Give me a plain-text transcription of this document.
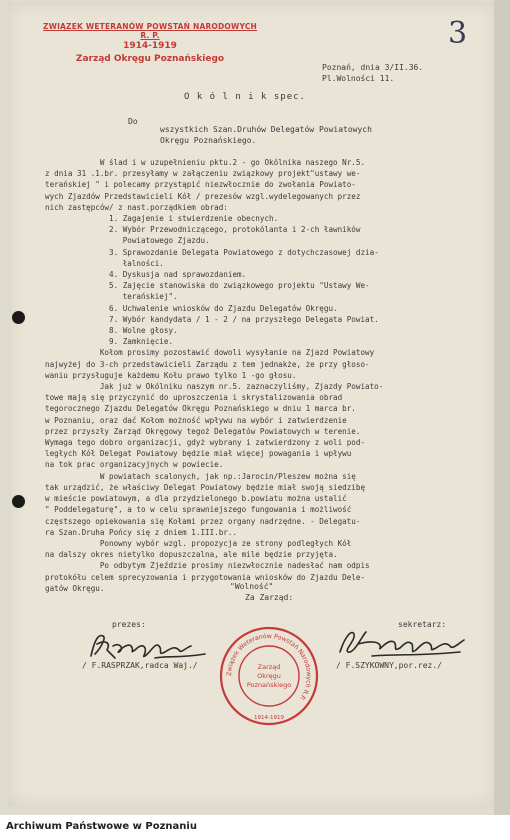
ZWIĄZEK WETERANÓW POWSTAŃ NARODOWYCH R. P.
1914-1919
Zarząd Okręgu Poznańskiego
3
Poznań, dnia 3/II.36.
Pl.Wolności 11.
O k ó l n i k spec.
Do
wszystkich Szan.Druhów Delegatów Powiatowych
Okręgu Poznańskiego.
W ślad i w uzupełnieniu pktu.2 - go Okólnika naszego Nr.5.
z dnia 31 .1.br. przesyłamy w załączeniu związkowy projekt"ustawy we-
terańskiej " i polecamy przystąpić niezwłocznie do zwołania Powiato-
wych Zjazdów Przedstawicieli Kół / prezesów wzgl.wydelegowanych przez
nich zastępców/ z nast.porządkiem obrad:
1. Zagajenie i stwierdzenie obecnych.
2. Wybór Przewodniczącego, protokólanta i 2-ch ławników
Powiatowego Zjazdu.
3. Sprawozdanie Delegata Powiatowego z dotychczasowej dzia-
łalności.
4. Dyskusja nad sprawozdaniem.
5. Zajęcie stanowiska do związkowego projektu "Ustawy We-
terańskiej".
6. Uchwalenie wniosków do Zjazdu Delegatów Okręgu.
7. Wybór kandydata / 1 - 2 / na przyszłego Delegata Powiat.
8. Wolne głosy.
9. Zamknięcie.
Kołom prosimy pozostawić dowoli wysyłanie na Zjazd Powiatowy
najwyżej do 3-ch przedstawicieli Zarządu z tem jednakże, że przy głoso-
waniu przysługuje każdemu Kołu prawo tylko 1 -go głosu.
Jak już w Okólniku naszym nr.5. zaznaczyliśmy, Zjazdy Powiato-
towe mają się przyczynić do uproszczenia i skrystalizowania obrad
tegorocznego Zjazdu Delegatów Okręgu Poznańskiego w dniu 1 marca br.
w Poznaniu, oraz dać Kołom możność wpływu na wybór i zatwierdzenie
przez przyszły Zarząd Okręgowy tegoż Delegatów Powiatowych w terenie.
Wymaga tego dobro organizacji, gdyż wybrany i zatwierdzony z woli pod-
ległych Kół Delegat Powiatowy będzie miał więcej powagania i wpływu
na tok prac organizacyjnych w powiecie.
W powiatach scalonych, jak np.:Jarocin/Pleszew można się
tak urządzić, że właściwy Delegat Powiatowy będzie miał swoją siedzibę
w mieście powiatowym, a dla przydzielonego b.powiatu można ustalić
" Poddelegaturę", a to w celu sprawniejszego fungowania i możliwość
częstszego opiekowania się Kołami przez organy nadrzędne. - Delegatu-
ra Szan.Druha Pońcy się z dniem 1.III.br..
Ponowny wybór wzgl. propozycja ze strony podległych Kół
na dalszy okres nietylko dopuszczalna, ale mile będzie przyjęta.
Po odbytym Zjeździe prosimy niezwłocznie nadesłać nam odpis
protokółu celem sprecyzowania i przygotowania wniosków do Zjazdu Dele-
gatów Okręgu.	"Wolność"
Za Zarząd:
prezes:	sekretarz:
/ F.RASPRZAK,radca Waj./	/ F.SZYKOWNY,por.rez./
Związek Weteranów Powstań Narodowych R.P.
Zarząd
Okręgu
Poznańskiego
1914-1919
Archiwum Państwowe w Poznaniu
